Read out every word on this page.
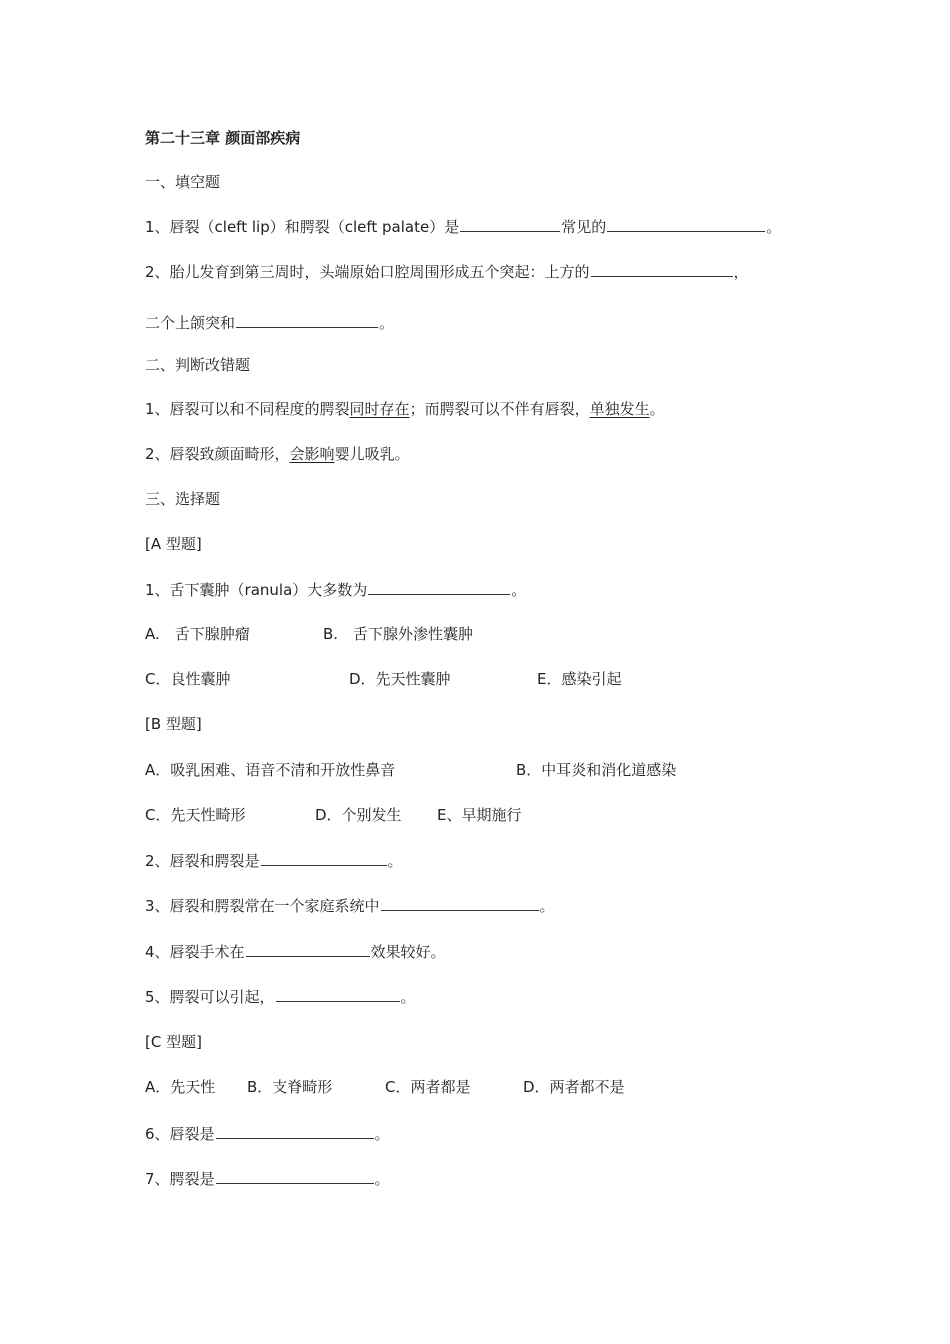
第二十三章 颜面部疾病
一、填空题
1、唇裂（cleft lip）和腭裂（cleft palate）是	常见的	。
2、胎儿发育到第三周时，头端原始口腔周围形成五个突起：上方的	，
二个上颌突和	。
二、判断改错题
1、唇裂可以和不同程度的腭裂同时存在；而腭裂可以不伴有唇裂，单独发生。
2、唇裂致颜面畸形，会影响婴儿吸乳。
三、选择题
[A 型题]
1、舌下囊肿（ranula）大多数为	。
A.　舌下腺肿瘤	B.　舌下腺外渗性囊肿
C．良性囊肿	D．先天性囊肿	E．感染引起
[B 型题]
A．吸乳困难、语音不清和开放性鼻音	B．中耳炎和消化道感染
C．先天性畸形	D．个别发生 E、早期施行
2、唇裂和腭裂是	。
3、唇裂和腭裂常在一个家庭系统中	。
4、唇裂手术在	效果较好。
5、腭裂可以引起，	。
[C 型题]
A．先天性 B．支脊畸形	C．两者都是	D．两者都不是
6、唇裂是	。
7、腭裂是	。
